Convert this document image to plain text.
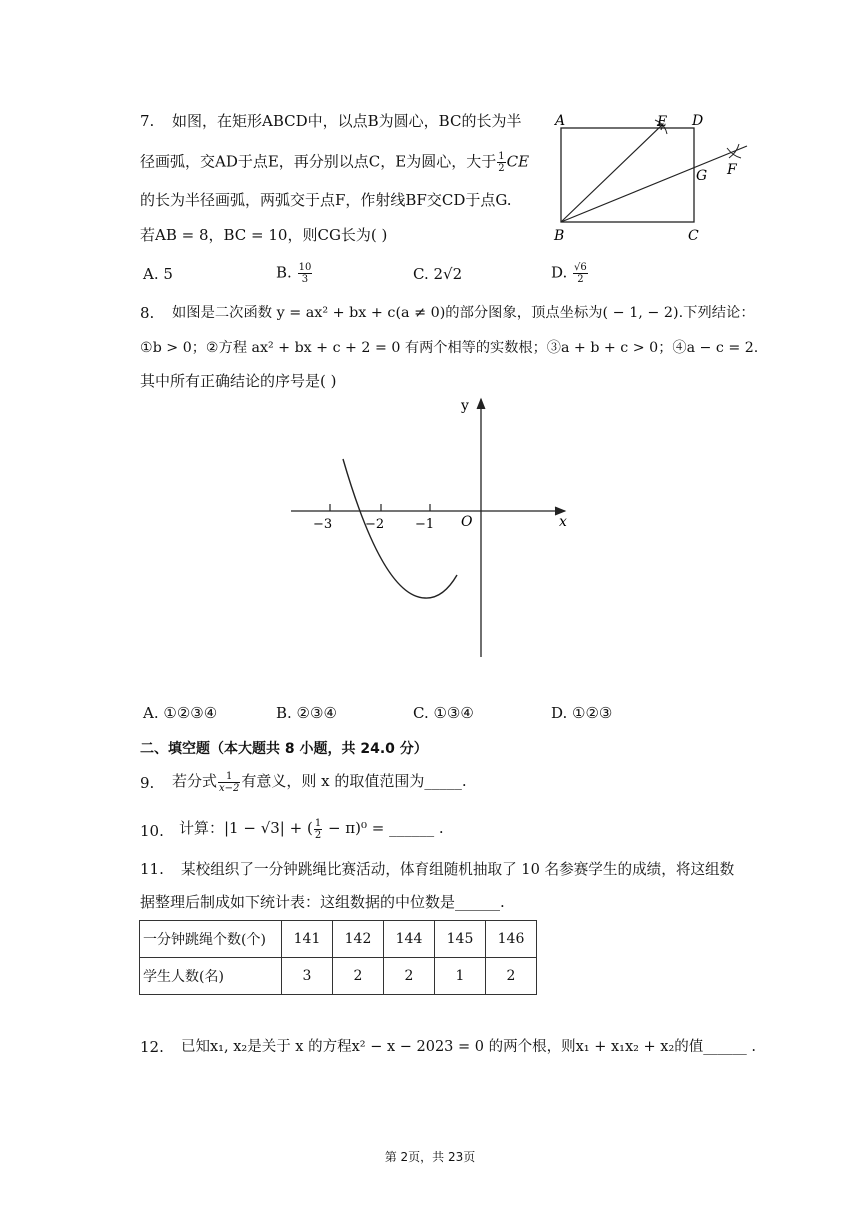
7. 如图，在矩形ABCD中，以点B为圆心，BC的长为半
径画弧，交AD于点E，再分别以点C，E为圆心，大于 $\frac{1}{2}$ CE
的长为半径画弧，两弧交于点F，作射线BF交CD于点G.
若AB = 8，BC = 10，则CG长为( )
A	D
E
F
G
B	C
A. 5	B. $\frac{10}{3}$	C. 2√2	D. $\frac{√6}{2}$
8. 如图是二次函数 y = ax² + bx + c(a ≠ 0)的部分图象，顶点坐标为( − 1, − 2).下列结论：
①b > 0；②方程 ax² + bx + c + 2 = 0 有两个相等的实数根；③a + b + c > 0；④a − c = 2.
其中所有正确结论的序号是( )
y
x
O
−3	−2 −1
A. ①②③④	B. ②③④	C. ①③④	D. ①②③
二、填空题（本大题共 8 小题，共 24.0 分）
9. 若分式 $\frac{1}{x-2}$ 有意义，则 x 的取值范围为_____.
10. 计算：|1 − √3| + ( $\frac{1}{2} - \pi)^0$ = ______ .
11. 某校组织了一分钟跳绳比赛活动，体育组随机抽取了 10 名参赛学生的成绩，将这组数
据整理后制成如下统计表：这组数据的中位数是______.
一分钟跳绳个数(个)	141	142	144	145	146
学生人数(名)	3	2	2	1	2
12. 已知x₁, x₂是关于 x 的方程x² − x − 2023 = 0 的两个根，则x₁ + x₁x₂ + x₂的值______ .
第 2页，共 23页
